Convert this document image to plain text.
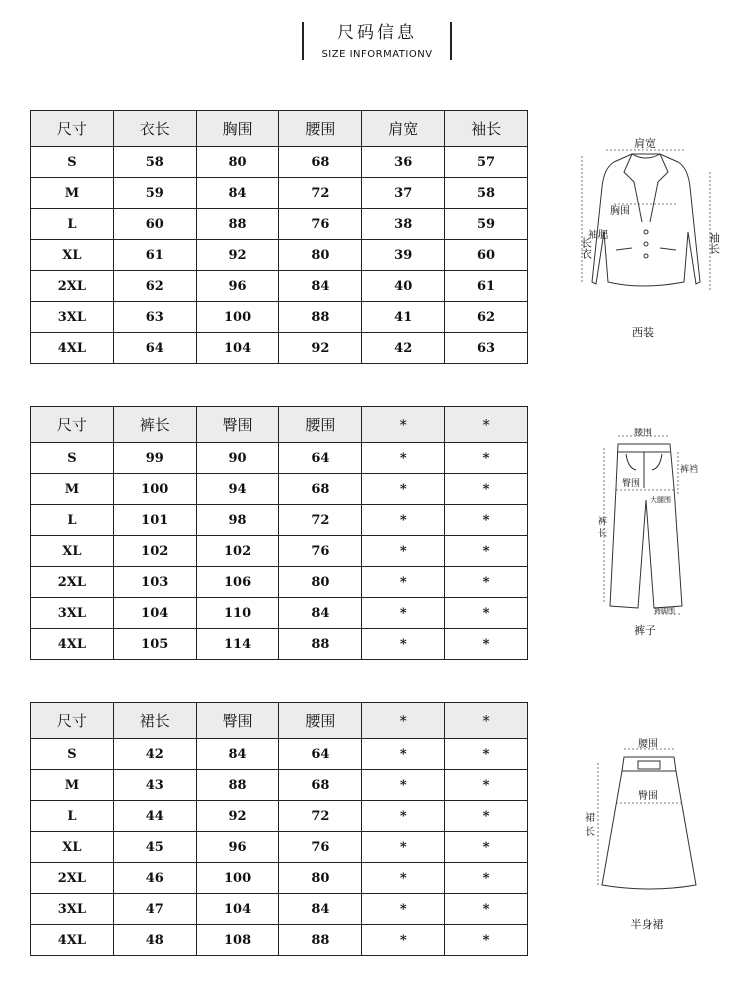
尺码信息
SIZE INFORMATIONV
尺寸	衣长	胸围	腰围	肩宽	袖长
S	58	80	68	36	57
M	59	84	72	37	58
L	60	88	76	38	59
XL	61	92	80	39	60
2XL	62	96	84	40	61
3XL	63	100	88	41	62
4XL	64	104	92	42	63
尺寸	裤长	臀围	腰围	*	*
S	99	90	64	*	*
M	100	94	68	*	*
L	101	98	72	*	*
XL	102	102	76	*	*
2XL	103	106	80	*	*
3XL	104	110	84	*	*
4XL	105	114	88	*	*
尺寸	裙长	臀围	腰围	*	*
S	42	84	64	*	*
M	43	88	68	*	*
L	44	92	72	*	*
XL	45	96	76	*	*
2XL	46	100	80	*	*
3XL	47	104	84	*	*
4XL	48	108	88	*	*
肩宽
胸围
长衣
袖肥	袖长
西装
腰围
裤裆
臀围
大腿围
裤
长
裤脚围
裤子
腰围
臀围
裙
长
半身裙
